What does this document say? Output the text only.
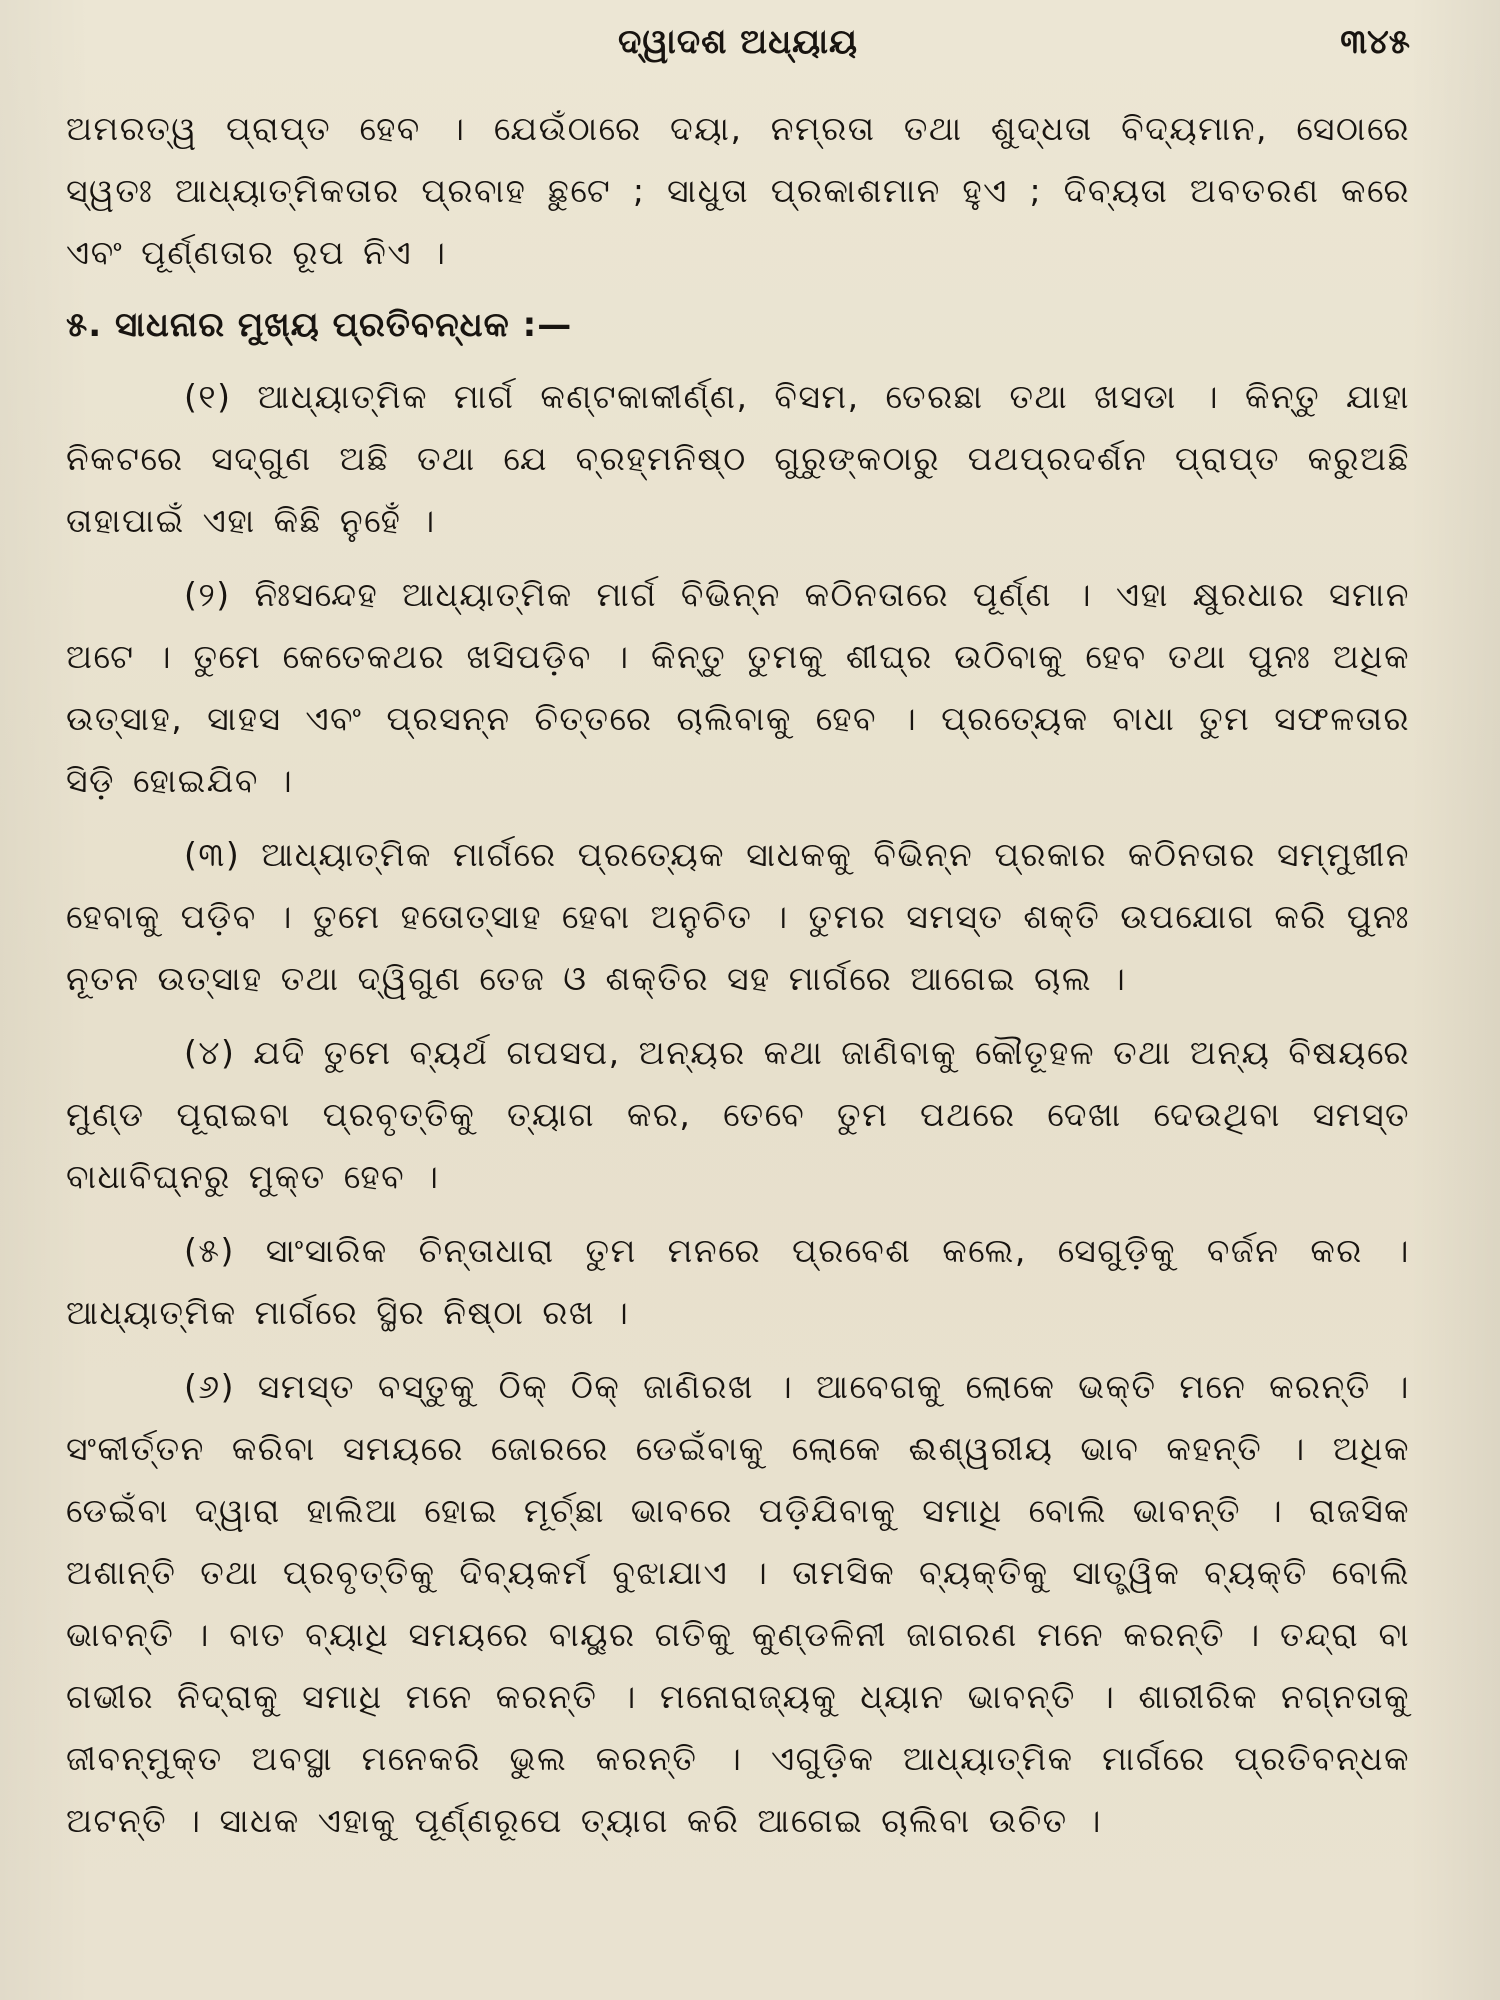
ଦ୍ୱାଦଶ ଅଧ୍ୟାୟ	୩୪୫

ଅମରତ୍ୱ ପ୍ରାପ୍ତ ହେବ । ଯେଉଁଠାରେ ଦୟା, ନମ୍ରତା ତଥା ଶୁଦ୍ଧତା ବିଦ୍ୟମାନ, ସେଠାରେ ସ୍ୱତଃ ଆଧ୍ୟାତ୍ମିକତାର ପ୍ରବାହ ଛୁଟେ ; ସାଧୁତା ପ୍ରକାଶମାନ ହୁଏ ; ଦିବ୍ୟତା ଅବତରଣ କରେ ଏବଂ ପୂର୍ଣ୍ଣତାର ରୂପ ନିଏ ।

୫. ସାଧନାର ମୁଖ୍ୟ ପ୍ରତିବନ୍ଧକ :—

(୧) ଆଧ୍ୟାତ୍ମିକ ମାର୍ଗ କଣ୍ଟକାକୀର୍ଣ୍ଣ, ବିସମ, ତେରଛା ତଥା ଖସଡା । କିନ୍ତୁ ଯାହା ନିକଟରେ ସଦ୍‌ଗୁଣ ଅଛି ତଥା ଯେ ବ୍ରହ୍ମନିଷ୍ଠ ଗୁରୁଙ୍କଠାରୁ ପଥପ୍ରଦର୍ଶନ ପ୍ରାପ୍ତ କରୁଅଛି ତାହାପାଇଁ ଏହା କିଛି ନୁହେଁ ।

(୨) ନିଃସନ୍ଦେହ ଆଧ୍ୟାତ୍ମିକ ମାର୍ଗ ବିଭିନ୍ନ କଠିନତାରେ ପୂର୍ଣ୍ଣ । ଏହା କ୍ଷୁରଧାର ସମାନ ଅଟେ । ତୁମେ କେତେକଥର ଖସିପଡ଼ିବ । କିନ୍ତୁ ତୁମକୁ ଶୀଘ୍ର ଉଠିବାକୁ ହେବ ତଥା ପୁନଃ ଅଧିକ ଉତ୍ସାହ, ସାହସ ଏବଂ ପ୍ରସନ୍ନ ଚିତ୍ତରେ ଚାଲିବାକୁ ହେବ । ପ୍ରତ୍ୟେକ ବାଧା ତୁମ ସଫଳତାର ସିଡ଼ି ହୋଇଯିବ ।

(୩) ଆଧ୍ୟାତ୍ମିକ ମାର୍ଗରେ ପ୍ରତ୍ୟେକ ସାଧକକୁ ବିଭିନ୍ନ ପ୍ରକାର କଠିନତାର ସମ୍ମୁଖୀନ ହେବାକୁ ପଡ଼ିବ । ତୁମେ ହତୋତ୍ସାହ ହେବା ଅନୁଚିତ । ତୁମର ସମସ୍ତ ଶକ୍ତି ଉପଯୋଗ କରି ପୁନଃ ନୂତନ ଉତ୍ସାହ ତଥା ଦ୍ୱିଗୁଣ ତେଜ ଓ ଶକ୍ତିର ସହ ମାର୍ଗରେ ଆଗେଇ ଚାଲ ।

(୪) ଯଦି ତୁମେ ବ୍ୟର୍ଥ ଗପସପ, ଅନ୍ୟର କଥା ଜାଣିବାକୁ କୌତୂହଳ ତଥା ଅନ୍ୟ ବିଷୟରେ ମୁଣ୍ଡ ପୂରାଇବା ପ୍ରବୃତ୍ତିକୁ ତ୍ୟାଗ କର, ତେବେ ତୁମ ପଥରେ ଦେଖା ଦେଉଥିବା ସମସ୍ତ ବାଧାବିଘ୍ନରୁ ମୁକ୍ତ ହେବ ।

(୫) ସାଂସାରିକ ଚିନ୍ତାଧାରା ତୁମ ମନରେ ପ୍ରବେଶ କଲେ, ସେଗୁଡ଼ିକୁ ବର୍ଜନ କର । ଆଧ୍ୟାତ୍ମିକ ମାର୍ଗରେ ସ୍ଥିର ନିଷ୍ଠା ରଖ ।

(୬) ସମସ୍ତ ବସ୍ତୁକୁ ଠିକ୍ ଠିକ୍ ଜାଣିରଖ । ଆବେଗକୁ ଲୋକେ ଭକ୍ତି ମନେ କରନ୍ତି । ସଂକୀର୍ତ୍ତନ କରିବା ସମୟରେ ଜୋରରେ ଡେଇଁବାକୁ ଲୋକେ ଈଶ୍ୱରୀୟ ଭାବ କହନ୍ତି । ଅଧିକ ଡେଇଁବା ଦ୍ୱାରା ହାଲିଆ ହୋଇ ମୂର୍ଚ୍ଛା ଭାବରେ ପଡ଼ିଯିବାକୁ ସମାଧି ବୋଲି ଭାବନ୍ତି । ରାଜସିକ ଅଶାନ୍ତି ତଥା ପ୍ରବୃତ୍ତିକୁ ଦିବ୍ୟକର୍ମ ବୁଝାଯାଏ । ତାମସିକ ବ୍ୟକ୍ତିକୁ ସାତ୍ତ୍ୱିକ ବ୍ୟକ୍ତି ବୋଲି ଭାବନ୍ତି । ବାତ ବ୍ୟାଧି ସମୟରେ ବାୟୁର ଗତିକୁ କୁଣ୍ଡଳିନୀ ଜାଗରଣ ମନେ କରନ୍ତି । ତନ୍ଦ୍ରା ବା ଗଭୀର ନିଦ୍ରାକୁ ସମାଧି ମନେ କରନ୍ତି । ମନୋରାଜ୍ୟକୁ ଧ୍ୟାନ ଭାବନ୍ତି । ଶାରୀରିକ ନଗ୍ନତାକୁ ଜୀବନ୍ମୁକ୍ତ ଅବସ୍ଥା ମନେକରି ଭୁଲ କରନ୍ତି । ଏଗୁଡ଼ିକ ଆଧ୍ୟାତ୍ମିକ ମାର୍ଗରେ ପ୍ରତିବନ୍ଧକ ଅଟନ୍ତି । ସାଧକ ଏହାକୁ ପୂର୍ଣ୍ଣରୂପେ ତ୍ୟାଗ କରି ଆଗେଇ ଚାଲିବା ଉଚିତ ।
